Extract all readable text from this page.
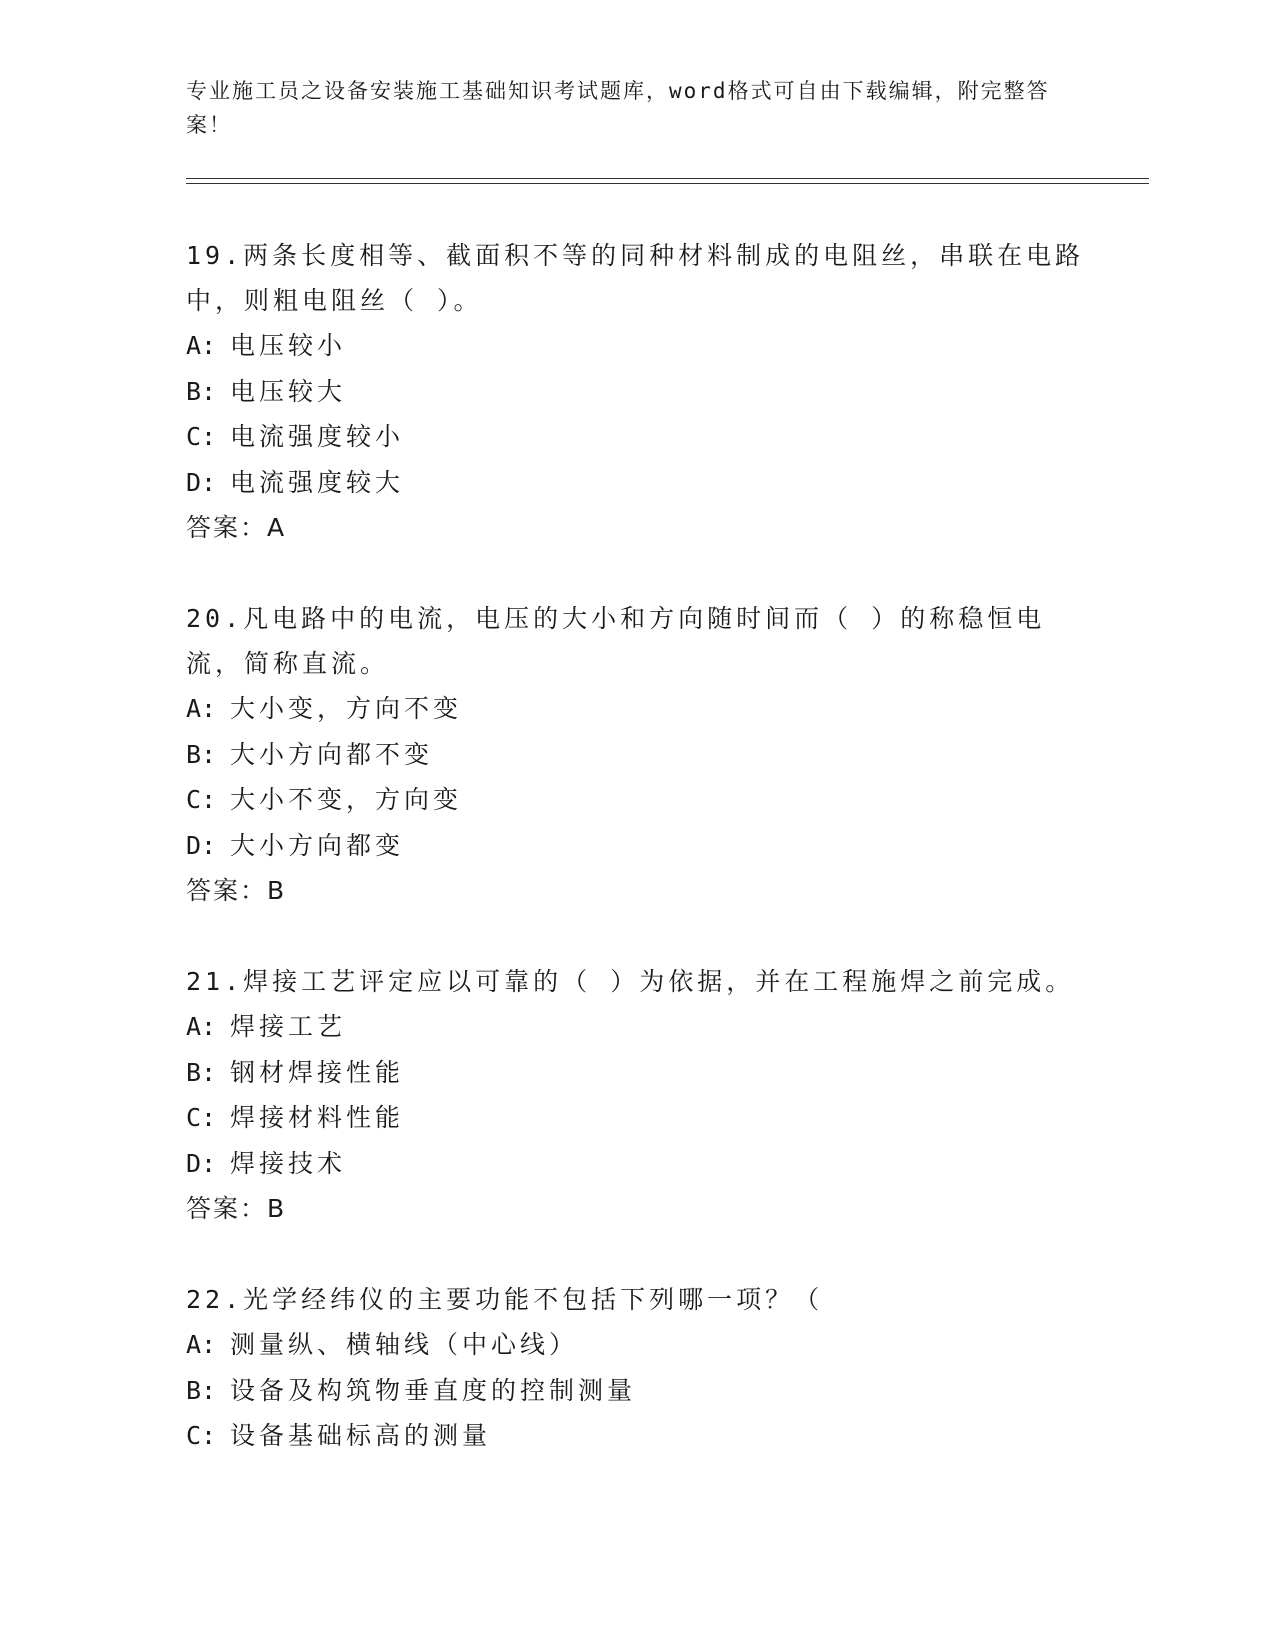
专业施工员之设备安装施工基础知识考试题库，word格式可自由下载编辑，附完整答案！

19.两条长度相等、截面积不等的同种材料制成的电阻丝，串联在电路中，则粗电阻丝（ ）。

A: 电压较小

B: 电压较大

C: 电流强度较小

D: 电流强度较大

答案：A

20.凡电路中的电流，电压的大小和方向随时间而（ ）的称稳恒电流，简称直流。

A: 大小变，方向不变

B: 大小方向都不变

C: 大小不变，方向变

D: 大小方向都变

答案：B

21.焊接工艺评定应以可靠的（ ）为依据，并在工程施焊之前完成。

A: 焊接工艺

B: 钢材焊接性能

C: 焊接材料性能

D: 焊接技术

答案：B

22.光学经纬仪的主要功能不包括下列哪一项？（

A: 测量纵、横轴线（中心线）

B: 设备及构筑物垂直度的控制测量

C: 设备基础标高的测量
